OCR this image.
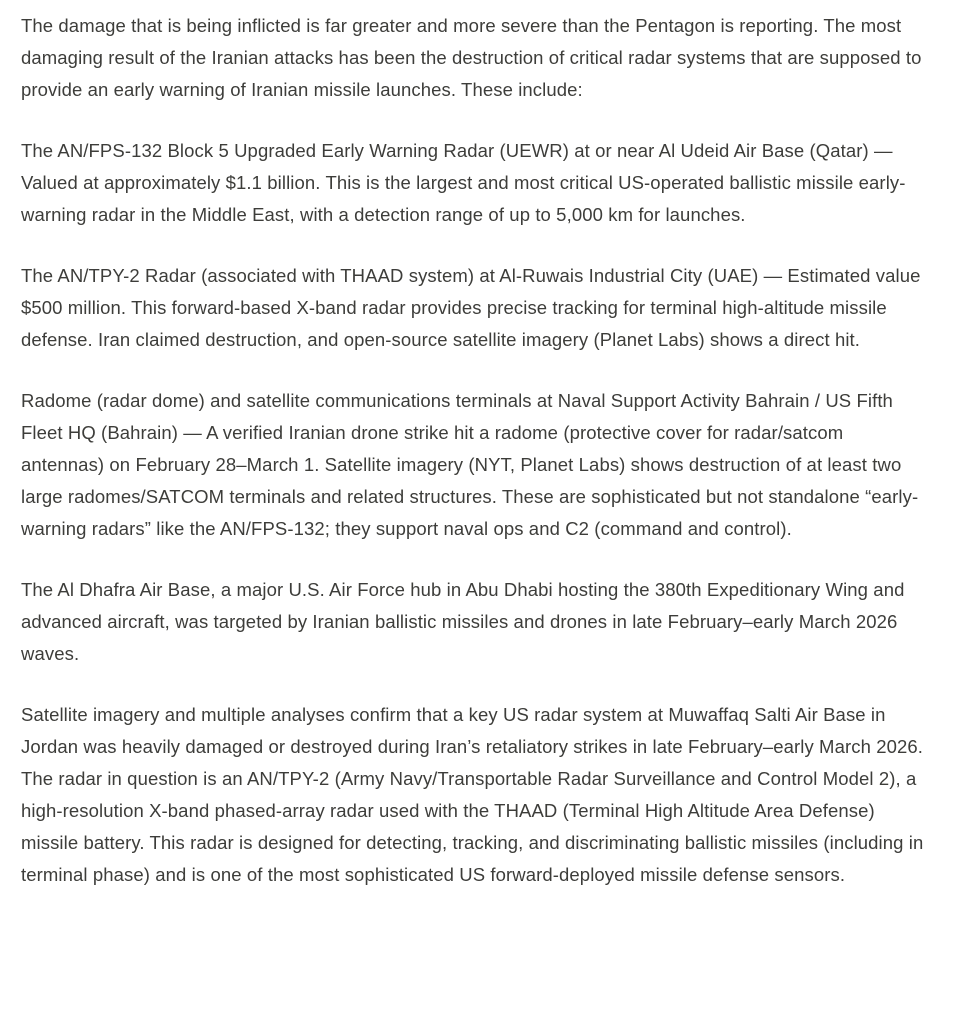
The damage that is being inflicted is far greater and more severe than the Pentagon is reporting. The most damaging result of the Iranian attacks has been the destruction of critical radar systems that are supposed to provide an early warning of Iranian missile launches. These include:

The AN/FPS-132 Block 5 Upgraded Early Warning Radar (UEWR) at or near Al Udeid Air Base (Qatar) — Valued at approximately $1.1 billion. This is the largest and most critical US-operated ballistic missile early-warning radar in the Middle East, with a detection range of up to 5,000 km for launches.

The AN/TPY-2 Radar (associated with THAAD system) at Al-Ruwais Industrial City (UAE) — Estimated value $500 million. This forward-based X-band radar provides precise tracking for terminal high-altitude missile defense. Iran claimed destruction, and open-source satellite imagery (Planet Labs) shows a direct hit.

Radome (radar dome) and satellite communications terminals at Naval Support Activity Bahrain / US Fifth Fleet HQ (Bahrain) — A verified Iranian drone strike hit a radome (protective cover for radar/satcom antennas) on February 28–March 1. Satellite imagery (NYT, Planet Labs) shows destruction of at least two large radomes/SATCOM terminals and related structures. These are sophisticated but not standalone “early-warning radars” like the AN/FPS-132; they support naval ops and C2 (command and control).

The Al Dhafra Air Base, a major U.S. Air Force hub in Abu Dhabi hosting the 380th Expeditionary Wing and advanced aircraft, was targeted by Iranian ballistic missiles and drones in late February–early March 2026 waves.

Satellite imagery and multiple analyses confirm that a key US radar system at Muwaffaq Salti Air Base in Jordan was heavily damaged or destroyed during Iran’s retaliatory strikes in late February–early March 2026. The radar in question is an AN/TPY-2 (Army Navy/Transportable Radar Surveillance and Control Model 2), a high-resolution X-band phased-array radar used with the THAAD (Terminal High Altitude Area Defense) missile battery. This radar is designed for detecting, tracking, and discriminating ballistic missiles (including in terminal phase) and is one of the most sophisticated US forward-deployed missile defense sensors.
